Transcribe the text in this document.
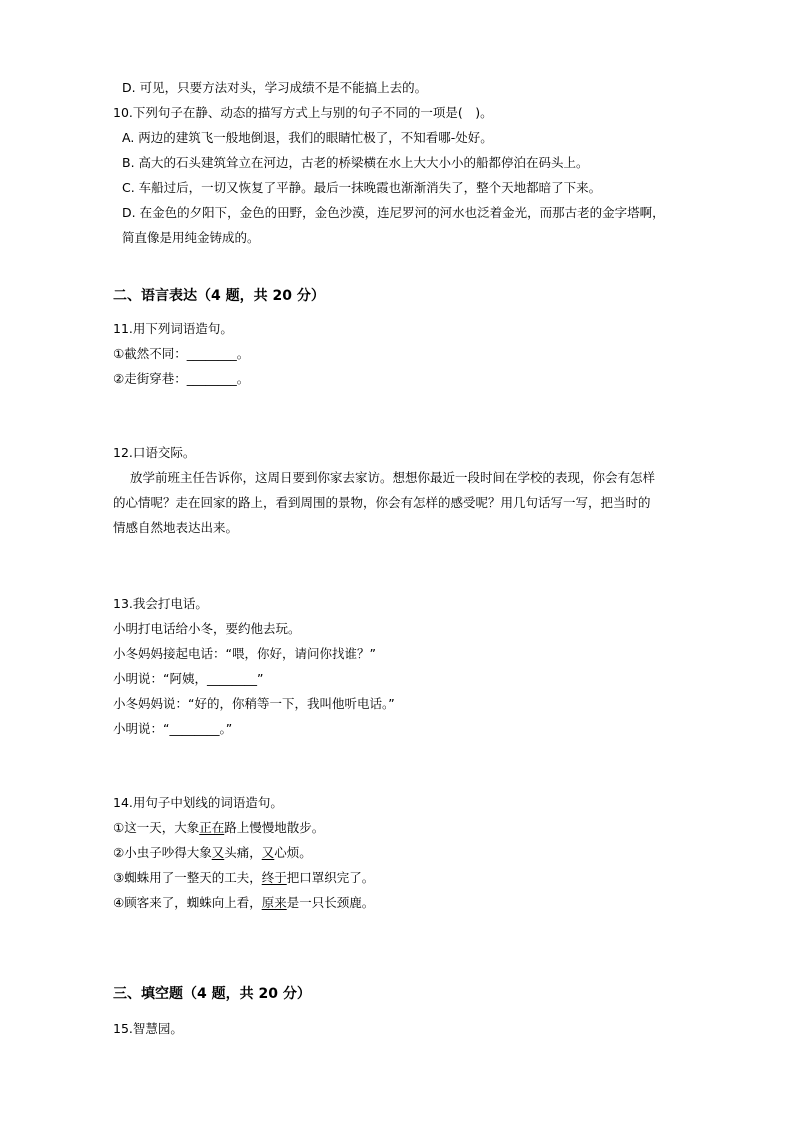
D. 可见，只要方法对头，学习成绩不是不能搞上去的。
10.下列句子在静、动态的描写方式上与别的句子不同的一项是(　)。
A. 两边的建筑飞一般地倒退，我们的眼睛忙极了，不知看哪-处好。
B. 高大的石头建筑耸立在河边，古老的桥梁横在水上大大小小的船都停泊在码头上。
C. 车船过后，一切又恢复了平静。最后一抹晚霞也渐渐消失了，整个天地都暗了下来。
D. 在金色的夕阳下，金色的田野，金色沙漠，连尼罗河的河水也泛着金光，而那古老的金字塔啊，
简直像是用纯金铸成的。
二、语言表达（4 题，共 20 分）
11.用下列词语造句。
①截然不同：________。
②走街穿巷：________。
12.口语交际。
放学前班主任告诉你，这周日要到你家去家访。想想你最近一段时间在学校的表现，你会有怎样
的心情呢？走在回家的路上，看到周围的景物，你会有怎样的感受呢？用几句话写一写，把当时的
情感自然地表达出来。
13.我会打电话。
小明打电话给小冬，要约他去玩。
小冬妈妈接起电话：“喂，你好，请问你找谁？”
小明说：“阿姨，________”
小冬妈妈说：“好的，你稍等一下，我叫他听电话。”
小明说：“________。”
14.用句子中划线的词语造句。
①这一天，大象正在路上慢慢地散步。
②小虫子吵得大象又头痛，又心烦。
③蜘蛛用了一整天的工夫，终于把口罩织完了。
④顾客来了，蜘蛛向上看，原来是一只长颈鹿。
三、填空题（4 题，共 20 分）
15.智慧园。
